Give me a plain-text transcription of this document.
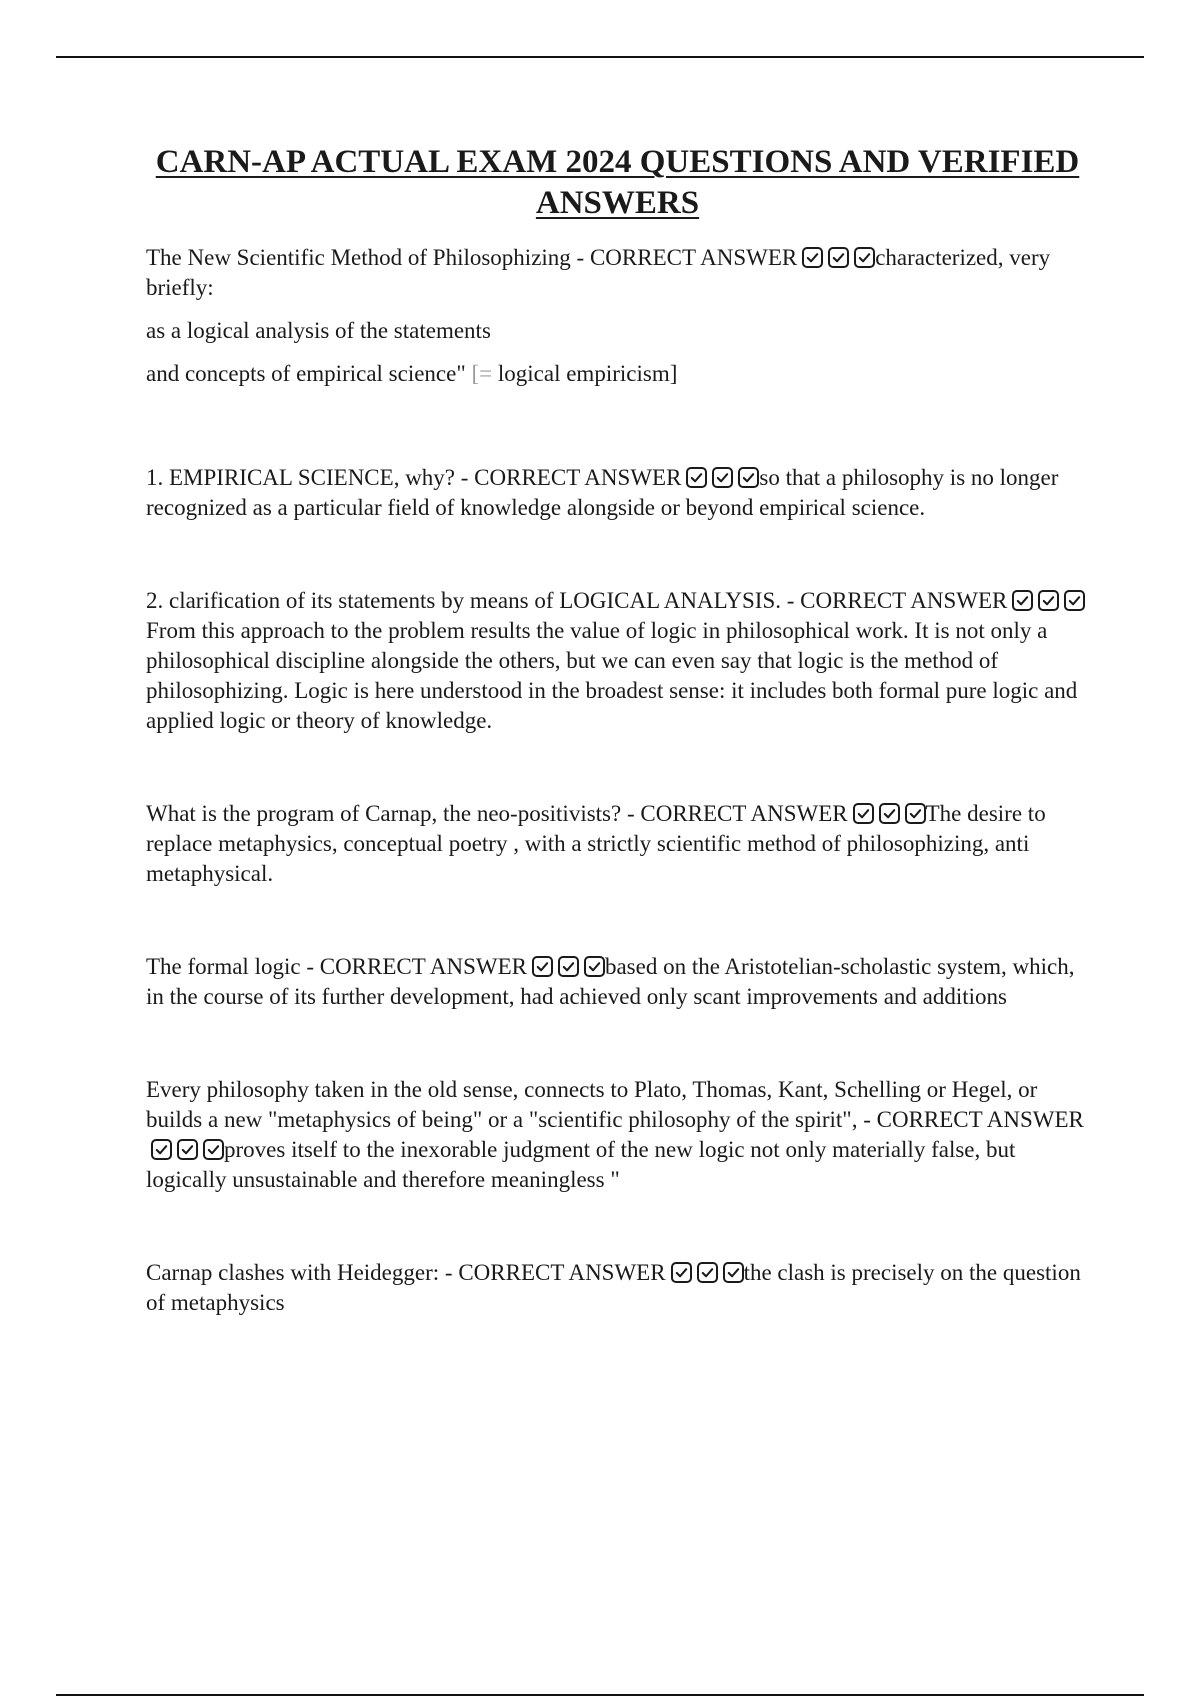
CARN-AP ACTUAL EXAM 2024 QUESTIONS AND VERIFIED ANSWERS

The New Scientific Method of Philosophizing - CORRECT ANSWER	characterized, very briefly:

as a logical analysis of the statements

and concepts of empirical science" [= logical empiricism]

1. EMPIRICAL SCIENCE, why? - CORRECT ANSWER	so that a philosophy is no longer recognized as a particular field of knowledge alongside or beyond empirical science.

2. clarification of its statements by means of LOGICAL ANALYSIS. - CORRECT ANSWER
From this approach to the problem results the value of logic in philosophical work. It is not only a philosophical discipline alongside the others, but we can even say that logic is the method of philosophizing. Logic is here understood in the broadest sense: it includes both formal pure logic and applied logic or theory of knowledge.

What is the program of Carnap, the neo-positivists? - CORRECT ANSWER	The desire to replace metaphysics, conceptual poetry , with a strictly scientific method of philosophizing, anti metaphysical.

The formal logic - CORRECT ANSWER	based on the Aristotelian-scholastic system, which, in the course of its further development, had achieved only scant improvements and additions

Every philosophy taken in the old sense, connects to Plato, Thomas, Kant, Schelling or Hegel, or builds a new "metaphysics of being" or a "scientific philosophy of the spirit", - CORRECT ANSWER
proves itself to the inexorable judgment of the new logic not only materially false, but logically unsustainable and therefore meaningless "

Carnap clashes with Heidegger: - CORRECT ANSWER	the clash is precisely on the question of metaphysics
